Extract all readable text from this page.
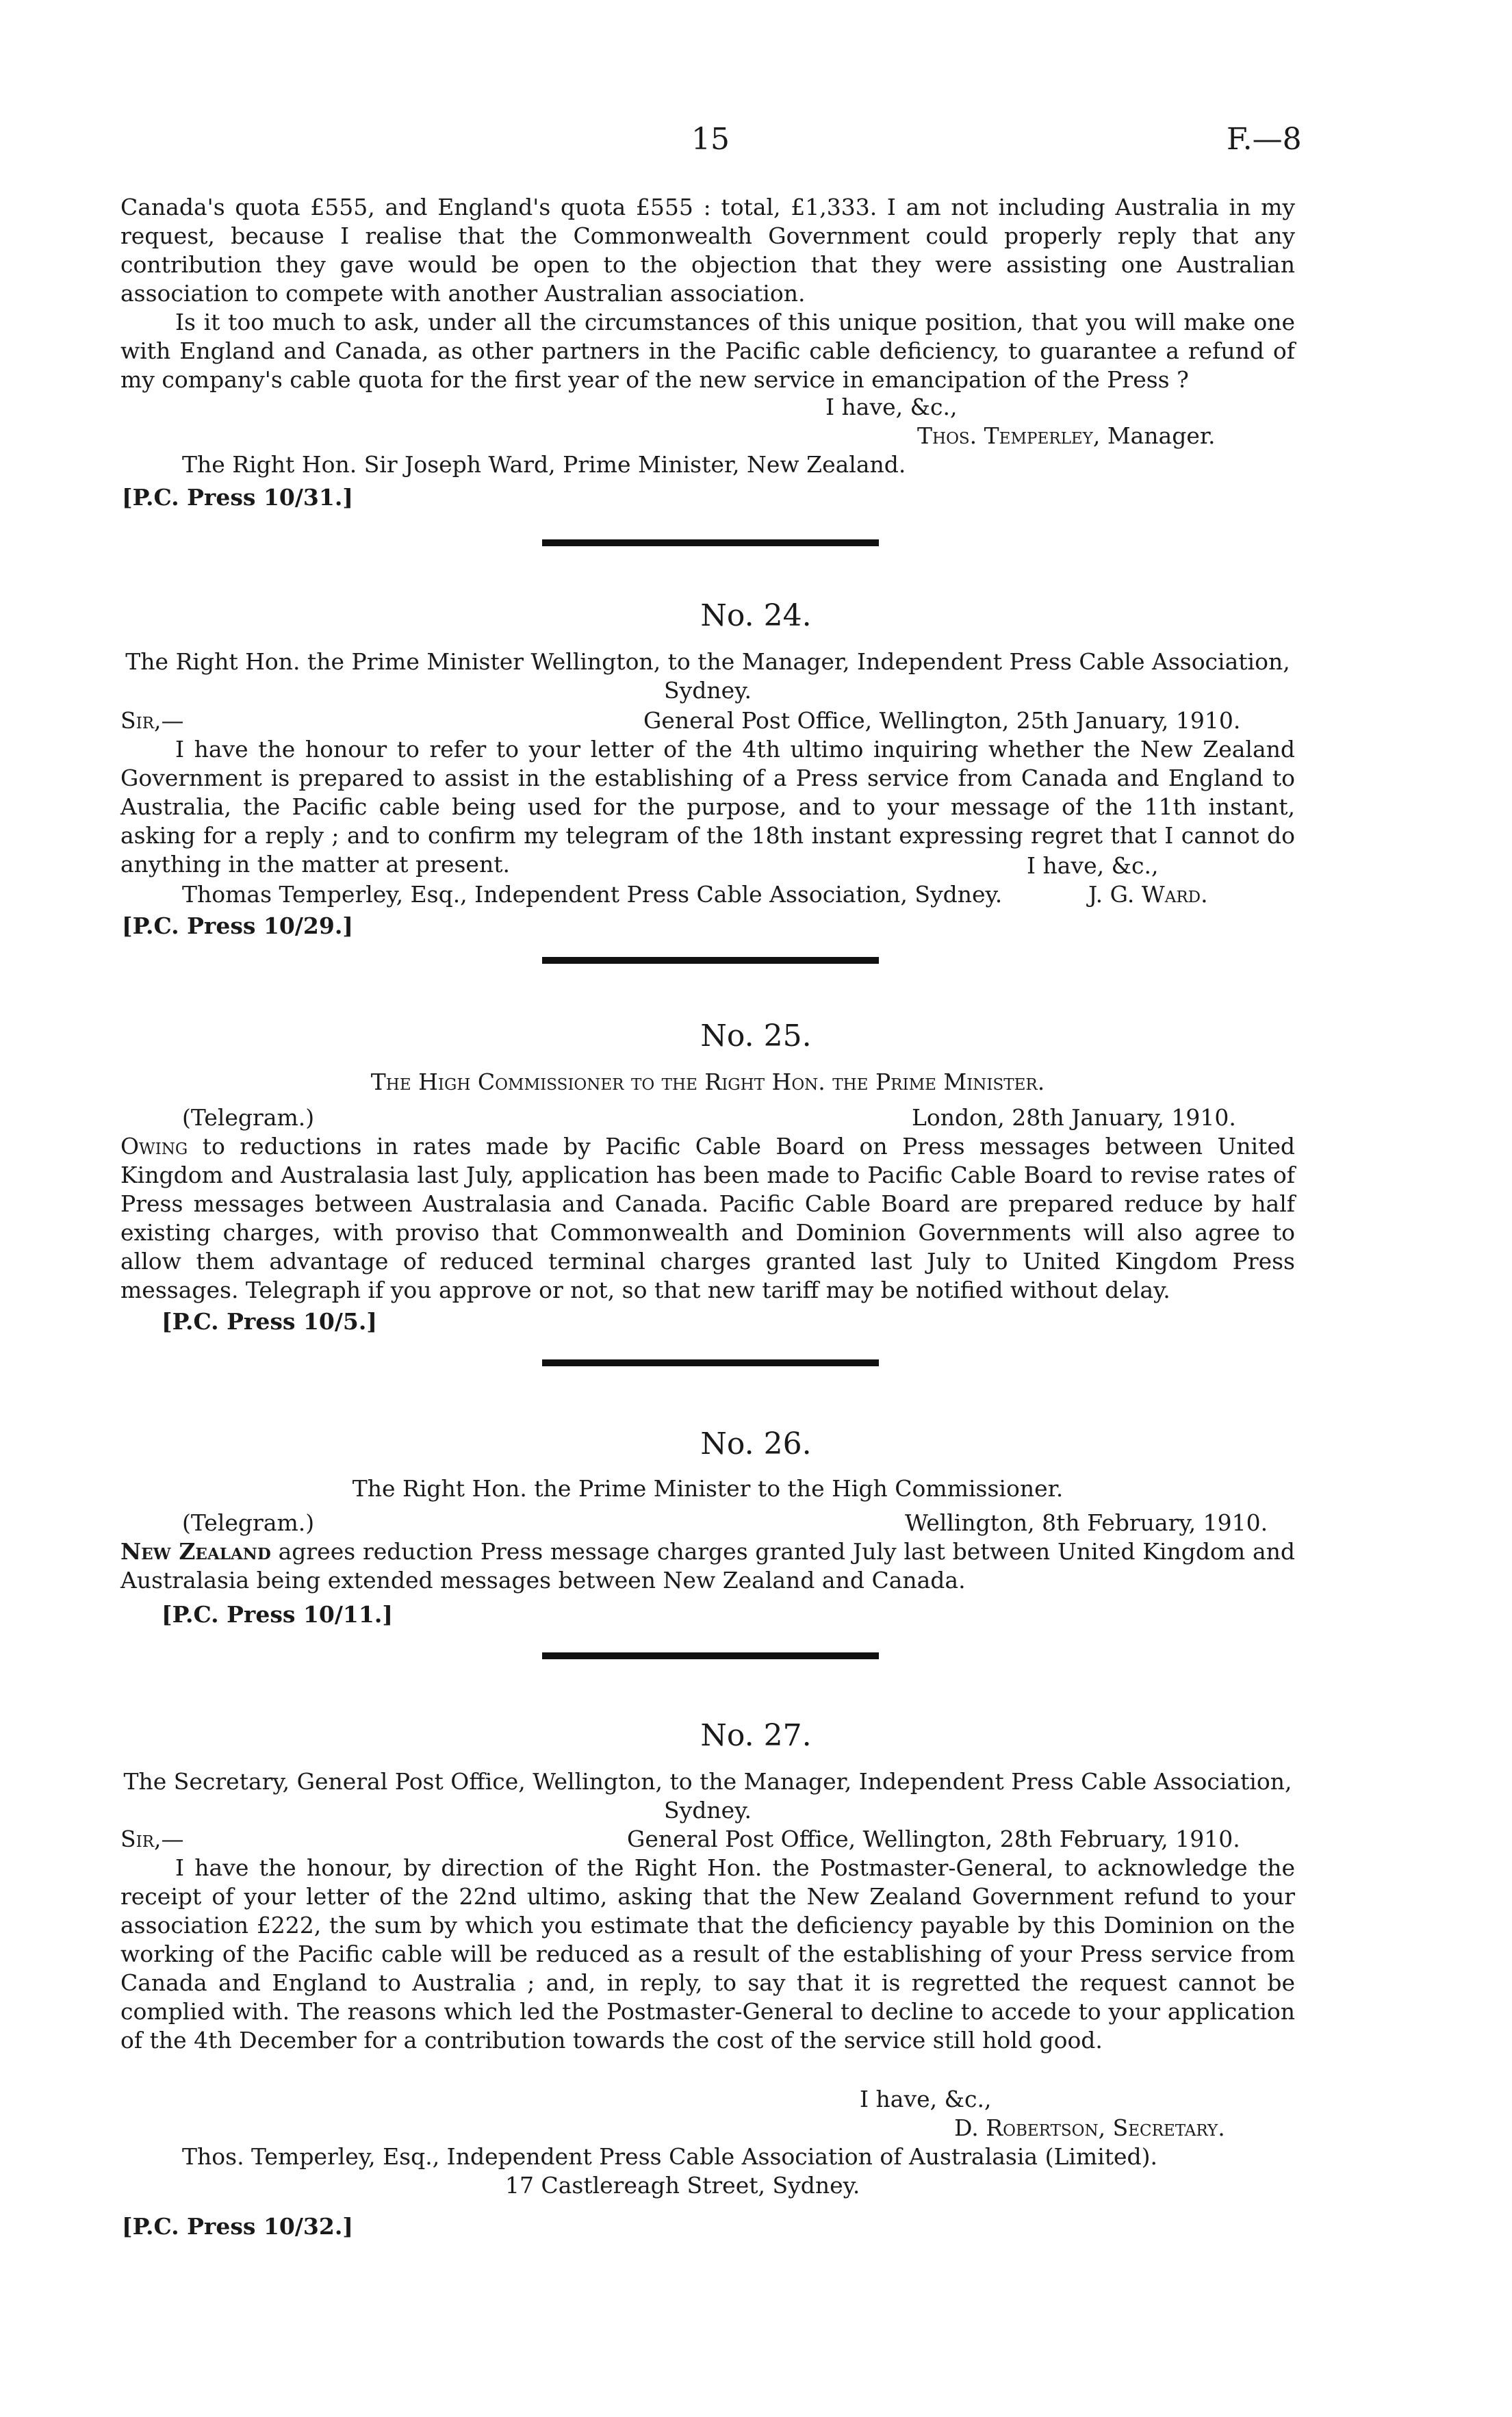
15	F.—8

Canada's quota £555, and England's quota £555 : total, £1,333. I am not including Australia in my request, because I realise that the Commonwealth Government could properly reply that any contribution they gave would be open to the objection that they were assisting one Australian association to compete with another Australian association.

Is it too much to ask, under all the circumstances of this unique position, that you will make one with England and Canada, as other partners in the Pacific cable deficiency, to guarantee a refund of my company's cable quota for the first year of the new service in emancipation of the Press ?

I have, &c.,
Thos. Temperley, Manager.
The Right Hon. Sir Joseph Ward, Prime Minister, New Zealand.
[P.C. Press 10/31.]
No. 24.
The Right Hon. the Prime Minister Wellington, to the Manager, Independent Press Cable Association, Sydney.
Sir,—	General Post Office, Wellington, 25th January, 1910.

I have the honour to refer to your letter of the 4th ultimo inquiring whether the New Zealand Government is prepared to assist in the establishing of a Press service from Canada and England to Australia, the Pacific cable being used for the purpose, and to your message of the 11th instant, asking for a reply ; and to confirm my telegram of the 18th instant expressing regret that I cannot do anything in the matter at present.	I have, &c.,
Thomas Temperley, Esq., Independent Press Cable Association, Sydney.	J. G. Ward.
[P.C. Press 10/29.]
No. 25.
The High Commissioner to the Right Hon. the Prime Minister.
(Telegram.)	London, 28th January, 1910.

Owing to reductions in rates made by Pacific Cable Board on Press messages between United Kingdom and Australasia last July, application has been made to Pacific Cable Board to revise rates of Press messages between Australasia and Canada. Pacific Cable Board are prepared reduce by half existing charges, with proviso that Commonwealth and Dominion Governments will also agree to allow them advantage of reduced terminal charges granted last July to United Kingdom Press messages. Telegraph if you approve or not, so that new tariff may be notified without delay.

[P.C. Press 10/5.]
No. 26.
The Right Hon. the Prime Minister to the High Commissioner.
(Telegram.)	Wellington, 8th February, 1910.

New Zealand agrees reduction Press message charges granted July last between United Kingdom and Australasia being extended messages between New Zealand and Canada.

[P.C. Press 10/11.]
No. 27.
The Secretary, General Post Office, Wellington, to the Manager, Independent Press Cable Association, Sydney.
Sir,—	General Post Office, Wellington, 28th February, 1910.

I have the honour, by direction of the Right Hon. the Postmaster-General, to acknowledge the receipt of your letter of the 22nd ultimo, asking that the New Zealand Government refund to your association £222, the sum by which you estimate that the deficiency payable by this Dominion on the working of the Pacific cable will be reduced as a result of the establishing of your Press service from Canada and England to Australia ; and, in reply, to say that it is regretted the request cannot be complied with. The reasons which led the Postmaster-General to decline to accede to your application of the 4th December for a contribution towards the cost of the service still hold good.

I have, &c.,
D. Robertson, Secretary.
Thos. Temperley, Esq., Independent Press Cable Association of Australasia (Limited).
17 Castlereagh Street, Sydney.
[P.C. Press 10/32.]
